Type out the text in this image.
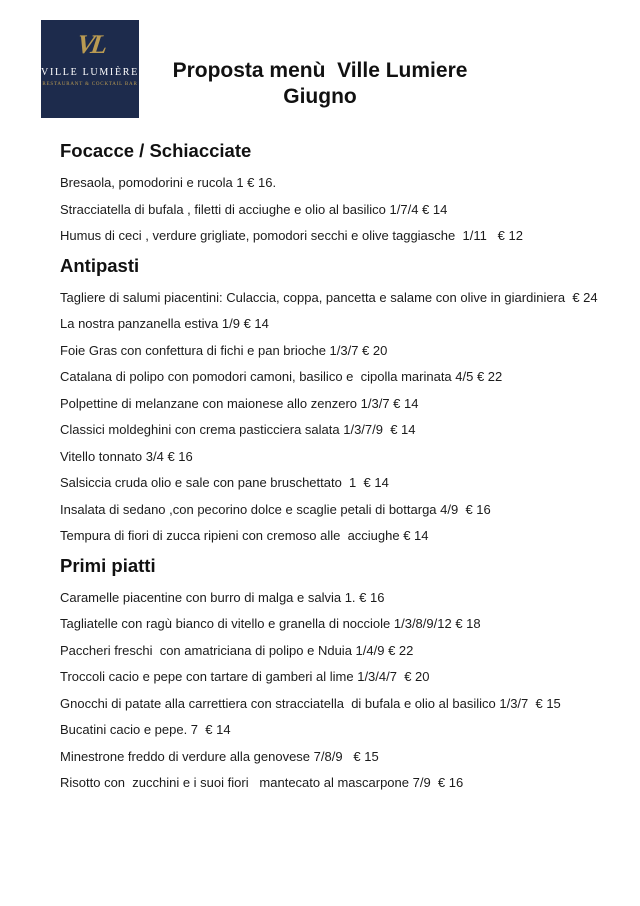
VL
VILLE LUMIÈRE
RESTAURANT & COCKTAIL BAR
Proposta menù  Ville Lumiere
Giugno
Focacce / Schiacciate

Bresaola, pomodorini e rucola 1 € 16.

Stracciatella di bufala , filetti di acciughe e olio al basilico 1/7/4 € 14

Humus di ceci , verdure grigliate, pomodori secchi e olive taggiasche  1/11   € 12

Antipasti

Tagliere di salumi piacentini: Culaccia, coppa, pancetta e salame con olive in giardiniera  € 24

La nostra panzanella estiva 1/9 € 14

Foie Gras con confettura di fichi e pan brioche 1/3/7 € 20

Catalana di polipo con pomodori camoni, basilico e  cipolla marinata 4/5 € 22

Polpettine di melanzane con maionese allo zenzero 1/3/7 € 14

Classici moldeghini con crema pasticciera salata 1/3/7/9  € 14

Vitello tonnato 3/4 € 16

Salsiccia cruda olio e sale con pane bruschettato  1  € 14

Insalata di sedano ,con pecorino dolce e scaglie petali di bottarga 4/9  € 16

Tempura di fiori di zucca ripieni con cremoso alle  acciughe € 14

Primi piatti

Caramelle piacentine con burro di malga e salvia 1. € 16

Tagliatelle con ragù bianco di vitello e granella di nocciole 1/3/8/9/12 € 18

Paccheri freschi  con amatriciana di polipo e Nduia 1/4/9 € 22

Troccoli cacio e pepe con tartare di gamberi al lime 1/3/4/7  € 20

Gnocchi di patate alla carrettiera con stracciatella  di bufala e olio al basilico 1/3/7  € 15

Bucatini cacio e pepe. 7  € 14

Minestrone freddo di verdure alla genovese 7/8/9   € 15

Risotto con  zucchini e i suoi fiori   mantecato al mascarpone 7/9  € 16
